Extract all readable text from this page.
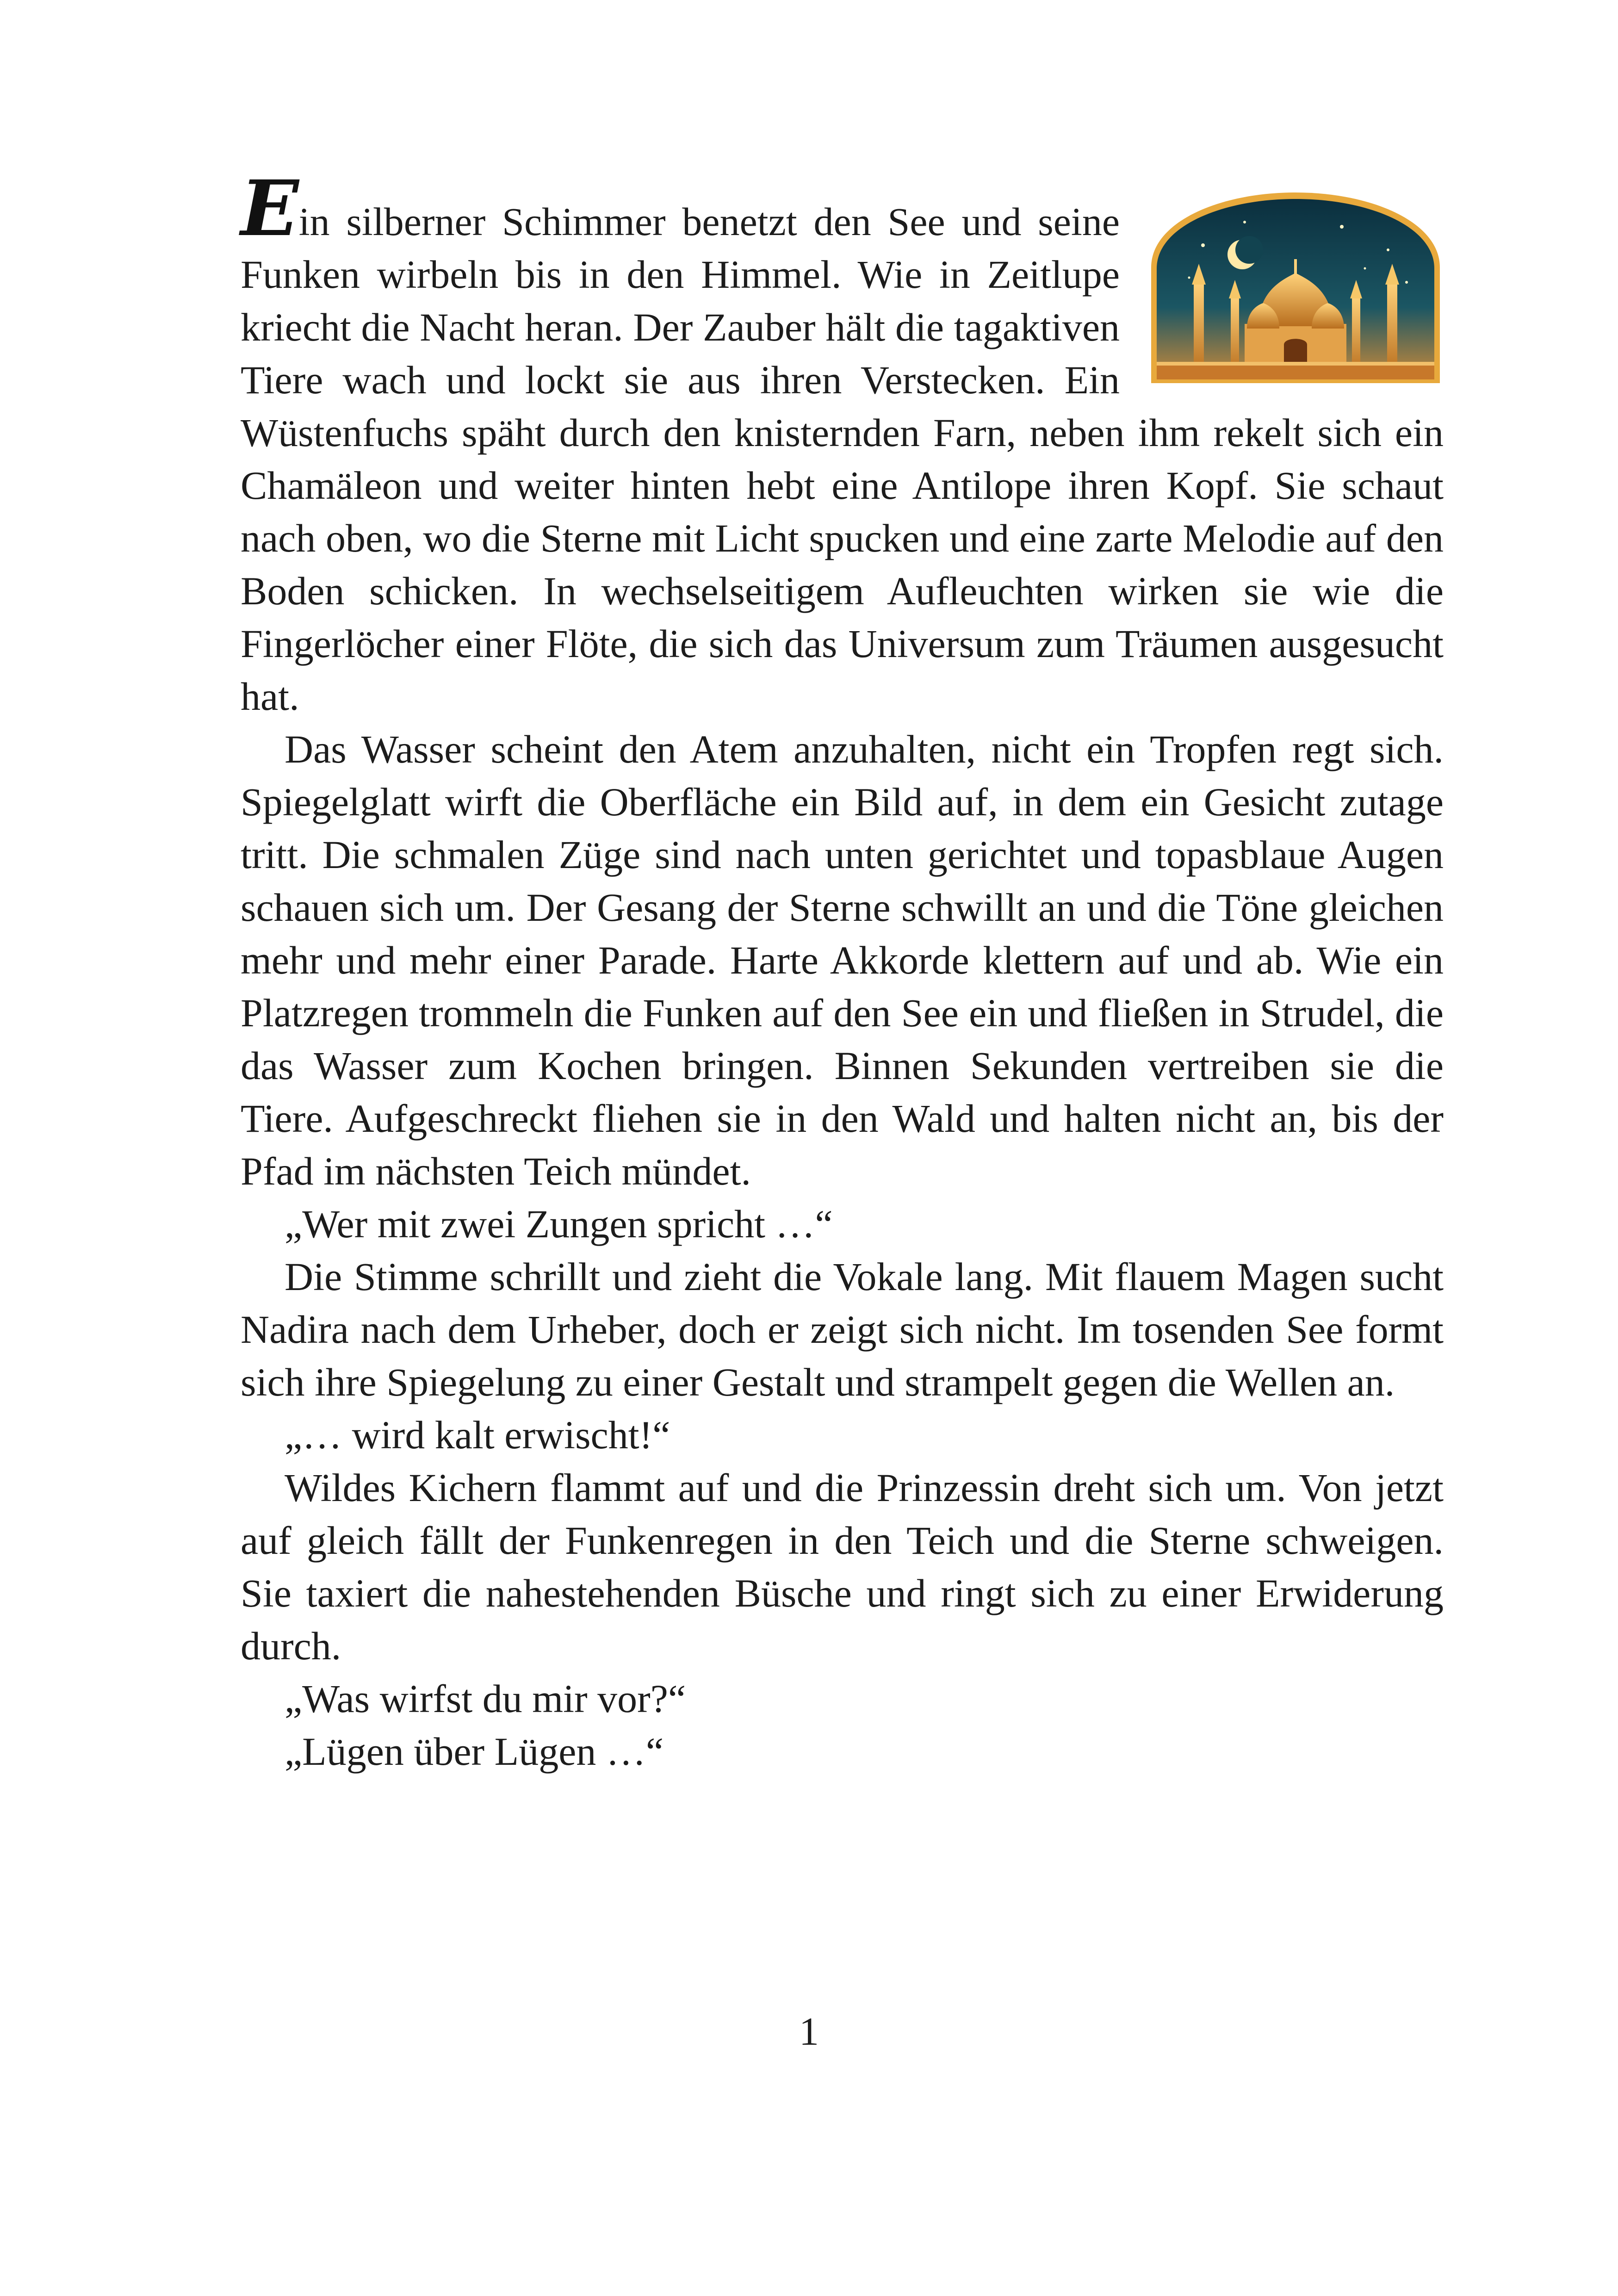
Ein silberner Schimmer benetzt den See und seine Funken wirbeln bis in den Himmel. Wie in Zeitlupe kriecht die Nacht heran. Der Zauber hält die tagaktiven Tiere wach und lockt sie aus ihren Verstecken. Ein Wüstenfuchs späht durch den knisternden Farn, neben ihm rekelt sich ein Chamäleon und weiter hinten hebt eine Antilope ihren Kopf. Sie schaut nach oben, wo die Sterne mit Licht spucken und eine zarte Melodie auf den Boden schicken. In wechselseitigem Aufleuchten wirken sie wie die Fingerlöcher einer Flöte, die sich das Universum zum Träumen ausgesucht hat.

Das Wasser scheint den Atem anzuhalten, nicht ein Tropfen regt sich. Spiegelglatt wirft die Oberfläche ein Bild auf, in dem ein Gesicht zutage tritt. Die schmalen Züge sind nach unten gerichtet und topasblaue Augen schauen sich um. Der Gesang der Sterne schwillt an und die Töne gleichen mehr und mehr einer Parade. Harte Akkorde klettern auf und ab. Wie ein Platzregen trommeln die Funken auf den See ein und fließen in Strudel, die das Wasser zum Kochen bringen. Binnen Sekunden vertreiben sie die Tiere. Aufgeschreckt fliehen sie in den Wald und halten nicht an, bis der Pfad im nächsten Teich mündet.

„Wer mit zwei Zungen spricht …“

Die Stimme schrillt und zieht die Vokale lang. Mit flauem Magen sucht Nadira nach dem Urheber, doch er zeigt sich nicht. Im tosenden See formt sich ihre Spiegelung zu einer Gestalt und strampelt gegen die Wellen an.

„… wird kalt erwischt!“

Wildes Kichern flammt auf und die Prinzessin dreht sich um. Von jetzt auf gleich fällt der Funkenregen in den Teich und die Sterne schweigen. Sie taxiert die nahestehenden Büsche und ringt sich zu einer Erwiderung durch.

„Was wirfst du mir vor?“

„Lügen über Lügen …“

1
